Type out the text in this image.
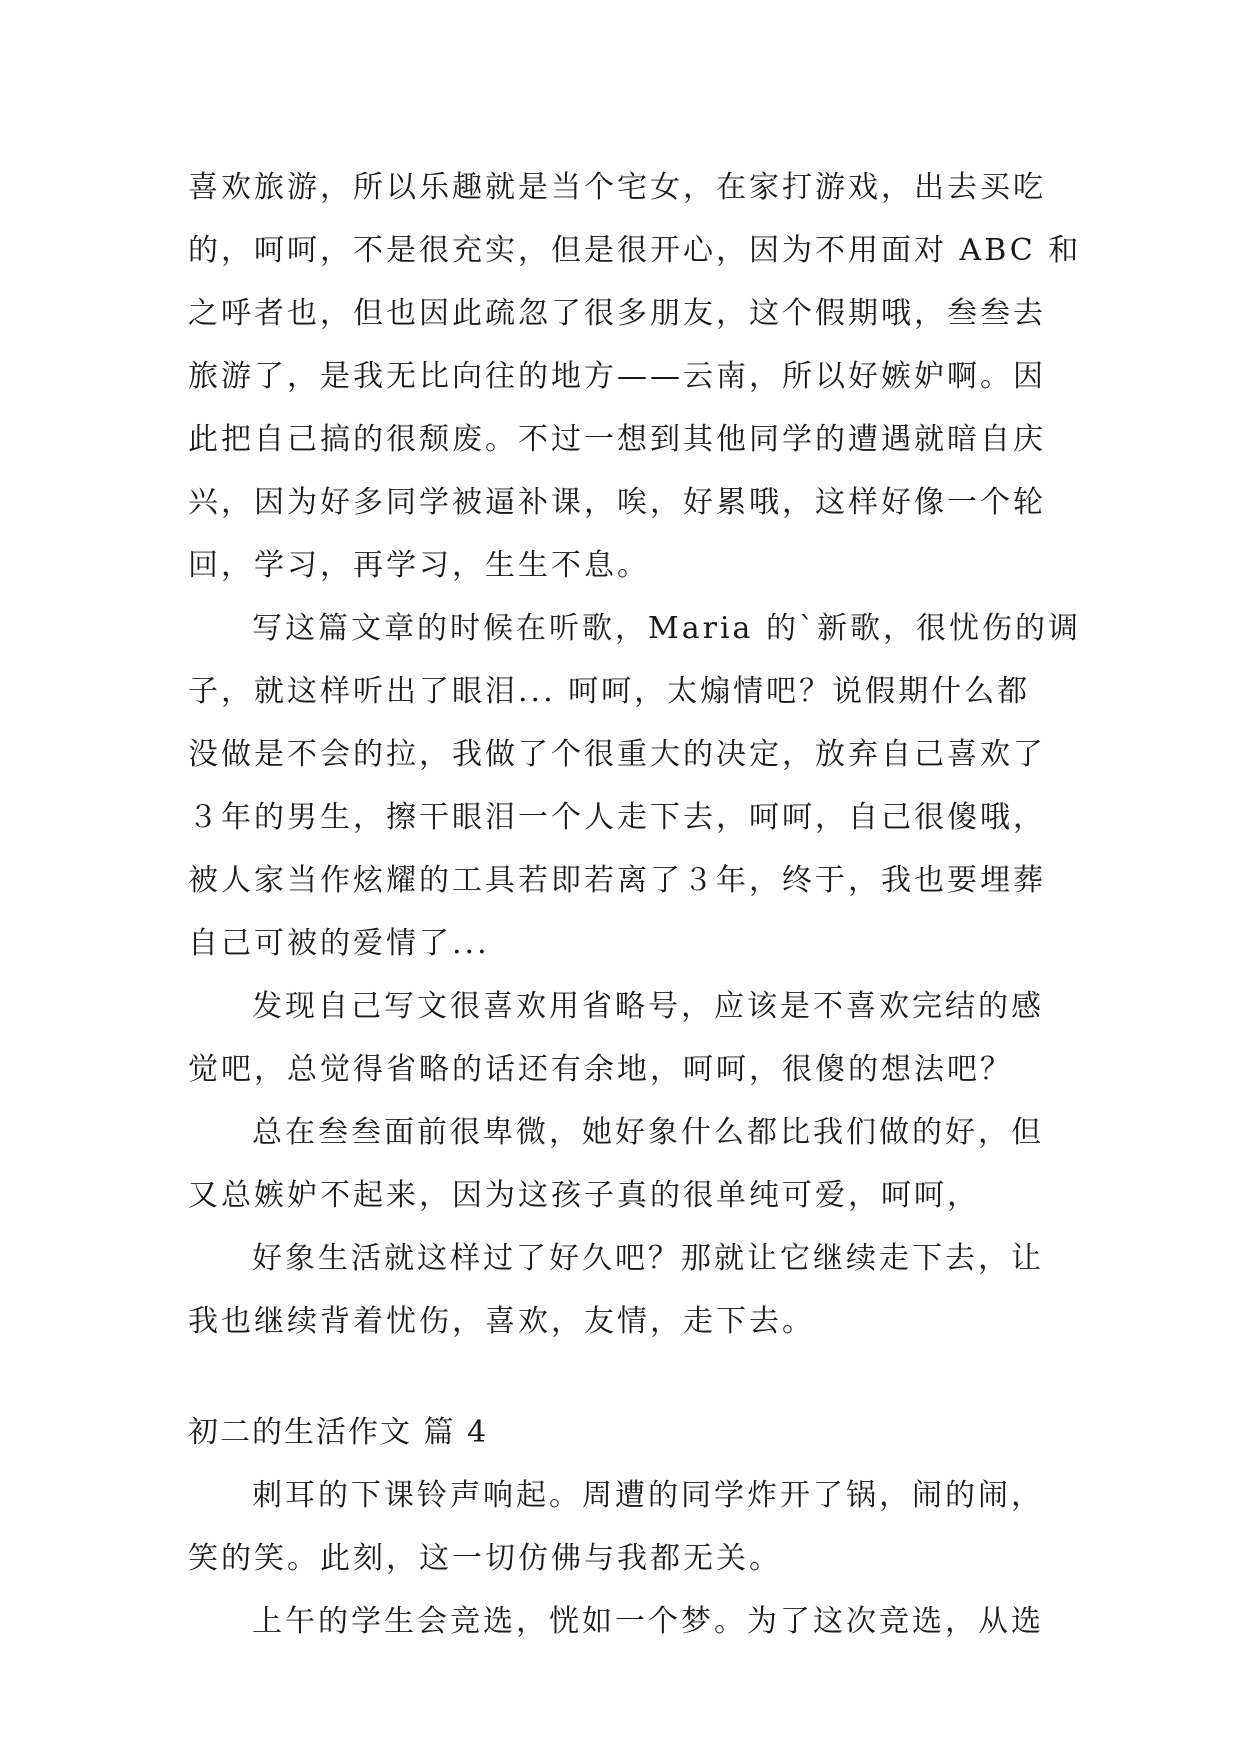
喜欢旅游，所以乐趣就是当个宅女，在家打游戏，出去买吃
的，呵呵，不是很充实，但是很开心，因为不用面对 ABC 和
之呼者也，但也因此疏忽了很多朋友，这个假期哦，叁叁去
旅游了，是我无比向往的地方——云南，所以好嫉妒啊。因
此把自己搞的很颓废。不过一想到其他同学的遭遇就暗自庆
兴，因为好多同学被逼补课，唉，好累哦，这样好像一个轮
回，学习，再学习，生生不息。
写这篇文章的时候在听歌，Maria 的`新歌，很忧伤的调
子，就这样听出了眼泪... 呵呵，太煽情吧？说假期什么都
没做是不会的拉，我做了个很重大的决定，放弃自己喜欢了
３年的男生，擦干眼泪一个人走下去，呵呵，自己很傻哦，
被人家当作炫耀的工具若即若离了３年，终于，我也要埋葬
自己可被的爱情了...
发现自己写文很喜欢用省略号，应该是不喜欢完结的感
觉吧，总觉得省略的话还有余地，呵呵，很傻的想法吧？
总在叁叁面前很卑微，她好象什么都比我们做的好，但
又总嫉妒不起来，因为这孩子真的很单纯可爱，呵呵，
好象生活就这样过了好久吧？那就让它继续走下去，让
我也继续背着忧伤，喜欢，友情，走下去。
初二的生活作文 篇 4
刺耳的下课铃声响起。周遭的同学炸开了锅，闹的闹，
笑的笑。此刻，这一切仿佛与我都无关。
上午的学生会竞选，恍如一个梦。为了这次竞选，从选
